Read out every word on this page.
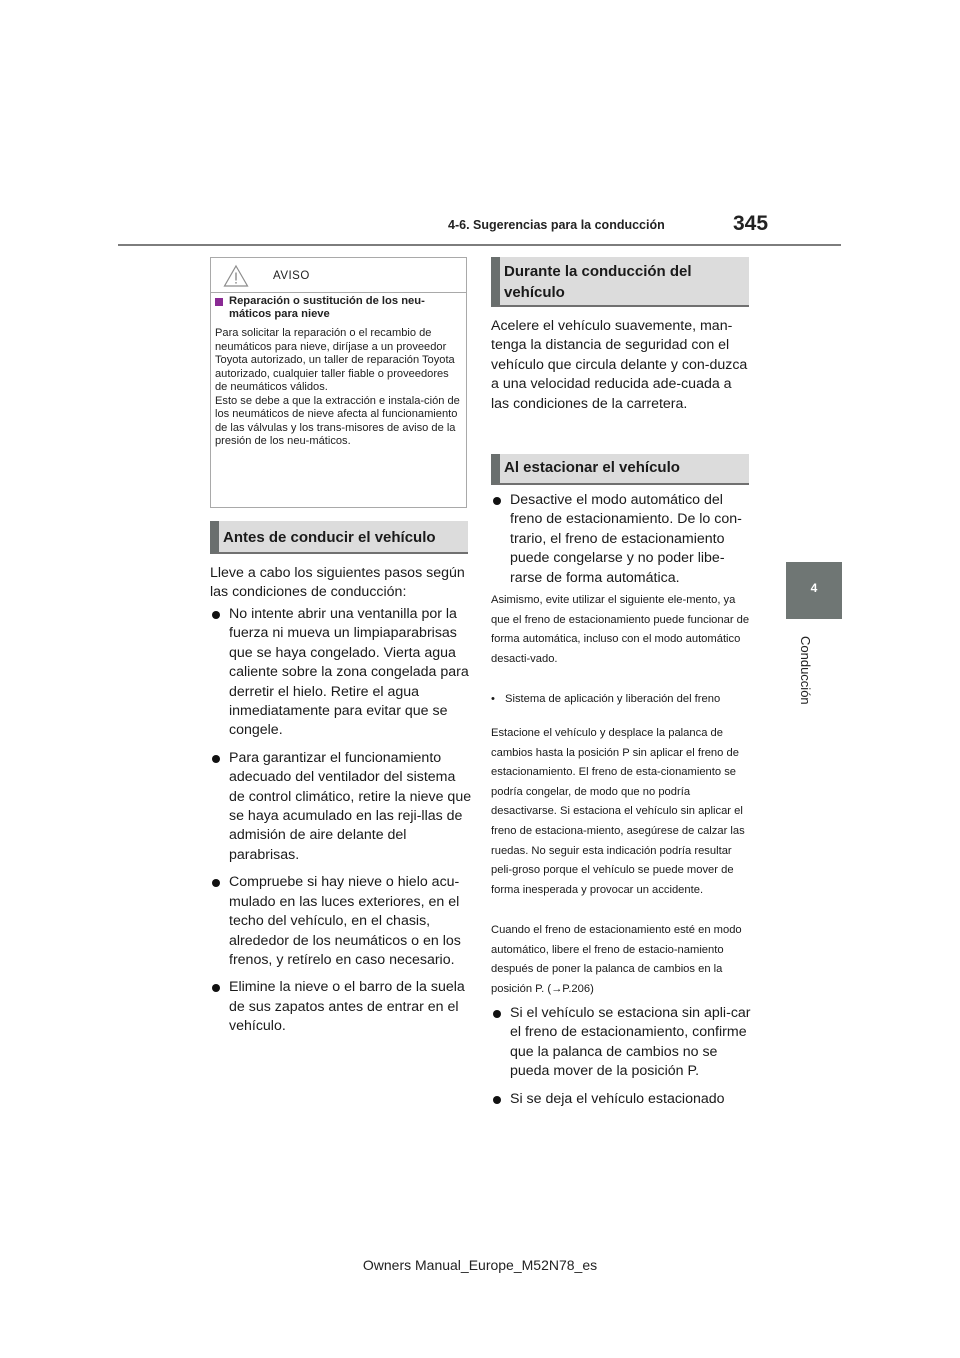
4-6. Sugerencias para la conducción	345
4
Conducción
AVISO
Reparación o sustitución de los neu-máticos para nieve

Para solicitar la reparación o el recambio de neumáticos para nieve, diríjase a un proveedor Toyota autorizado, un taller de reparación Toyota autorizado, cualquier taller fiable o proveedores de neumáticos válidos.

Esto se debe a que la extracción e instala-ción de los neumáticos de nieve afecta al funcionamiento de las válvulas y los trans-misores de aviso de la presión de los neu-máticos.

Antes de conducir el vehículo

Lleve a cabo los siguientes pasos según las condiciones de conducción:

No intente abrir una ventanilla por la fuerza ni mueva un limpiaparabrisas que se haya congelado. Vierta agua caliente sobre la zona congelada para derretir el hielo. Retire el agua inmediatamente para evitar que se congele.
Para garantizar el funcionamiento adecuado del ventilador del sistema de control climático, retire la nieve que se haya acumulado en las reji-llas de admisión de aire delante del parabrisas.
Compruebe si hay nieve o hielo acu-mulado en las luces exteriores, en el techo del vehículo, en el chasis, alrededor de los neumáticos o en los frenos, y retírelo en caso necesario.
Elimine la nieve o el barro de la suela de sus zapatos antes de entrar en el vehículo.
Durante la conducción del vehículo

Acelere el vehículo suavemente, man-tenga la distancia de seguridad con el vehículo que circula delante y con-duzca a una velocidad reducida ade-cuada a las condiciones de la carretera.

Al estacionar el vehículo
Desactive el modo automático del freno de estacionamiento. De lo con-trario, el freno de estacionamiento puede congelarse y no poder libe-rarse de forma automática.

Asimismo, evite utilizar el siguiente ele-mento, ya que el freno de estacionamiento puede funcionar de forma automática, incluso con el modo automático desacti-vado.

• Sistema de aplicación y liberación del freno

Estacione el vehículo y desplace la palanca de cambios hasta la posición P sin aplicar el freno de estacionamiento. El freno de esta-cionamiento se podría congelar, de modo que no podría desactivarse. Si estaciona el vehículo sin aplicar el freno de estaciona-miento, asegúrese de calzar las ruedas. No seguir esta indicación podría resultar peli-groso porque el vehículo se puede mover de forma inesperada y provocar un accidente.

Cuando el freno de estacionamiento esté en modo automático, libere el freno de estacio-namiento después de poner la palanca de cambios en la posición P. (→P.206)

Si el vehículo se estaciona sin apli-car el freno de estacionamiento, confirme que la palanca de cambios no se pueda mover de la posición P.
Si se deja el vehículo estacionado
Owners Manual_Europe_M52N78_es
